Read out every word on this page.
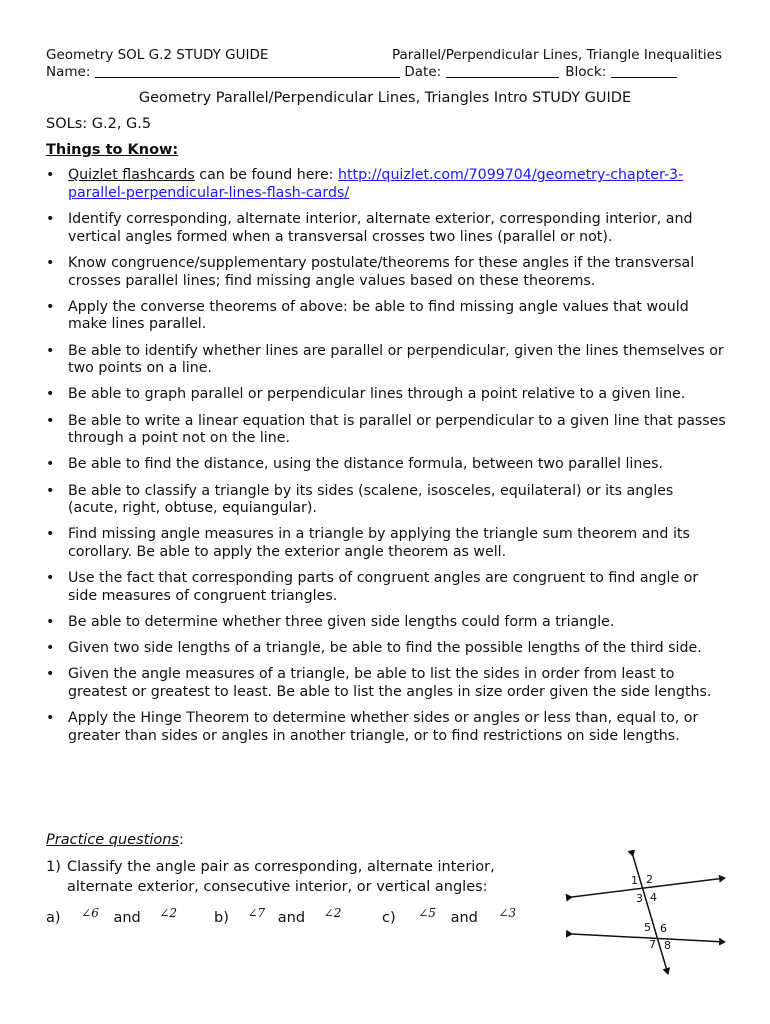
Geometry SOL G.2 STUDY GUIDE	Parallel/Perpendicular Lines, Triangle Inequalities
Name:	Date:	Block:
Geometry Parallel/Perpendicular Lines, Triangles Intro STUDY GUIDE
SOLs: G.2, G.5
Things to Know:
• Quizlet flashcards can be found here: http://quizlet.com/7099704/geometry-chapter-3-parallel-perpendicular-lines-flash-cards/
• Identify corresponding, alternate interior, alternate exterior, corresponding interior, and vertical angles formed when a transversal crosses two lines (parallel or not).
• Know congruence/supplementary postulate/theorems for these angles if the transversal crosses parallel lines; find missing angle values based on these theorems.
• Apply the converse theorems of above: be able to find missing angle values that would make lines parallel.
• Be able to identify whether lines are parallel or perpendicular, given the lines themselves or two points on a line.
• Be able to graph parallel or perpendicular lines through a point relative to a given line.
• Be able to write a linear equation that is parallel or perpendicular to a given line that passes through a point not on the line.
• Be able to find the distance, using the distance formula, between two parallel lines.
• Be able to classify a triangle by its sides (scalene, isosceles, equilateral) or its angles (acute, right, obtuse, equiangular).
• Find missing angle measures in a triangle by applying the triangle sum theorem and its corollary. Be able to apply the exterior angle theorem as well.
• Use the fact that corresponding parts of congruent angles are congruent to find angle or side measures of congruent triangles.
• Be able to determine whether three given side lengths could form a triangle.
• Given two side lengths of a triangle, be able to find the possible lengths of the third side.
• Given the angle measures of a triangle, be able to list the sides in order from least to greatest or greatest to least. Be able to list the angles in size order given the side lengths.
• Apply the Hinge Theorem to determine whether sides or angles or less than, equal to, or greater than sides or angles in another triangle, or to find restrictions on side lengths.
Practice questions:
1) Classify the angle pair as corresponding, alternate interior, alternate exterior, consecutive interior, or vertical angles:
a) $^{\angle 6}$ and $^{\angle 2}$	b) $^{\angle 7}$ and $^{\angle 2}$	c) $^{\angle 5}$ and $^{\angle 3}$
1 2
3 4
5 6
7 8
